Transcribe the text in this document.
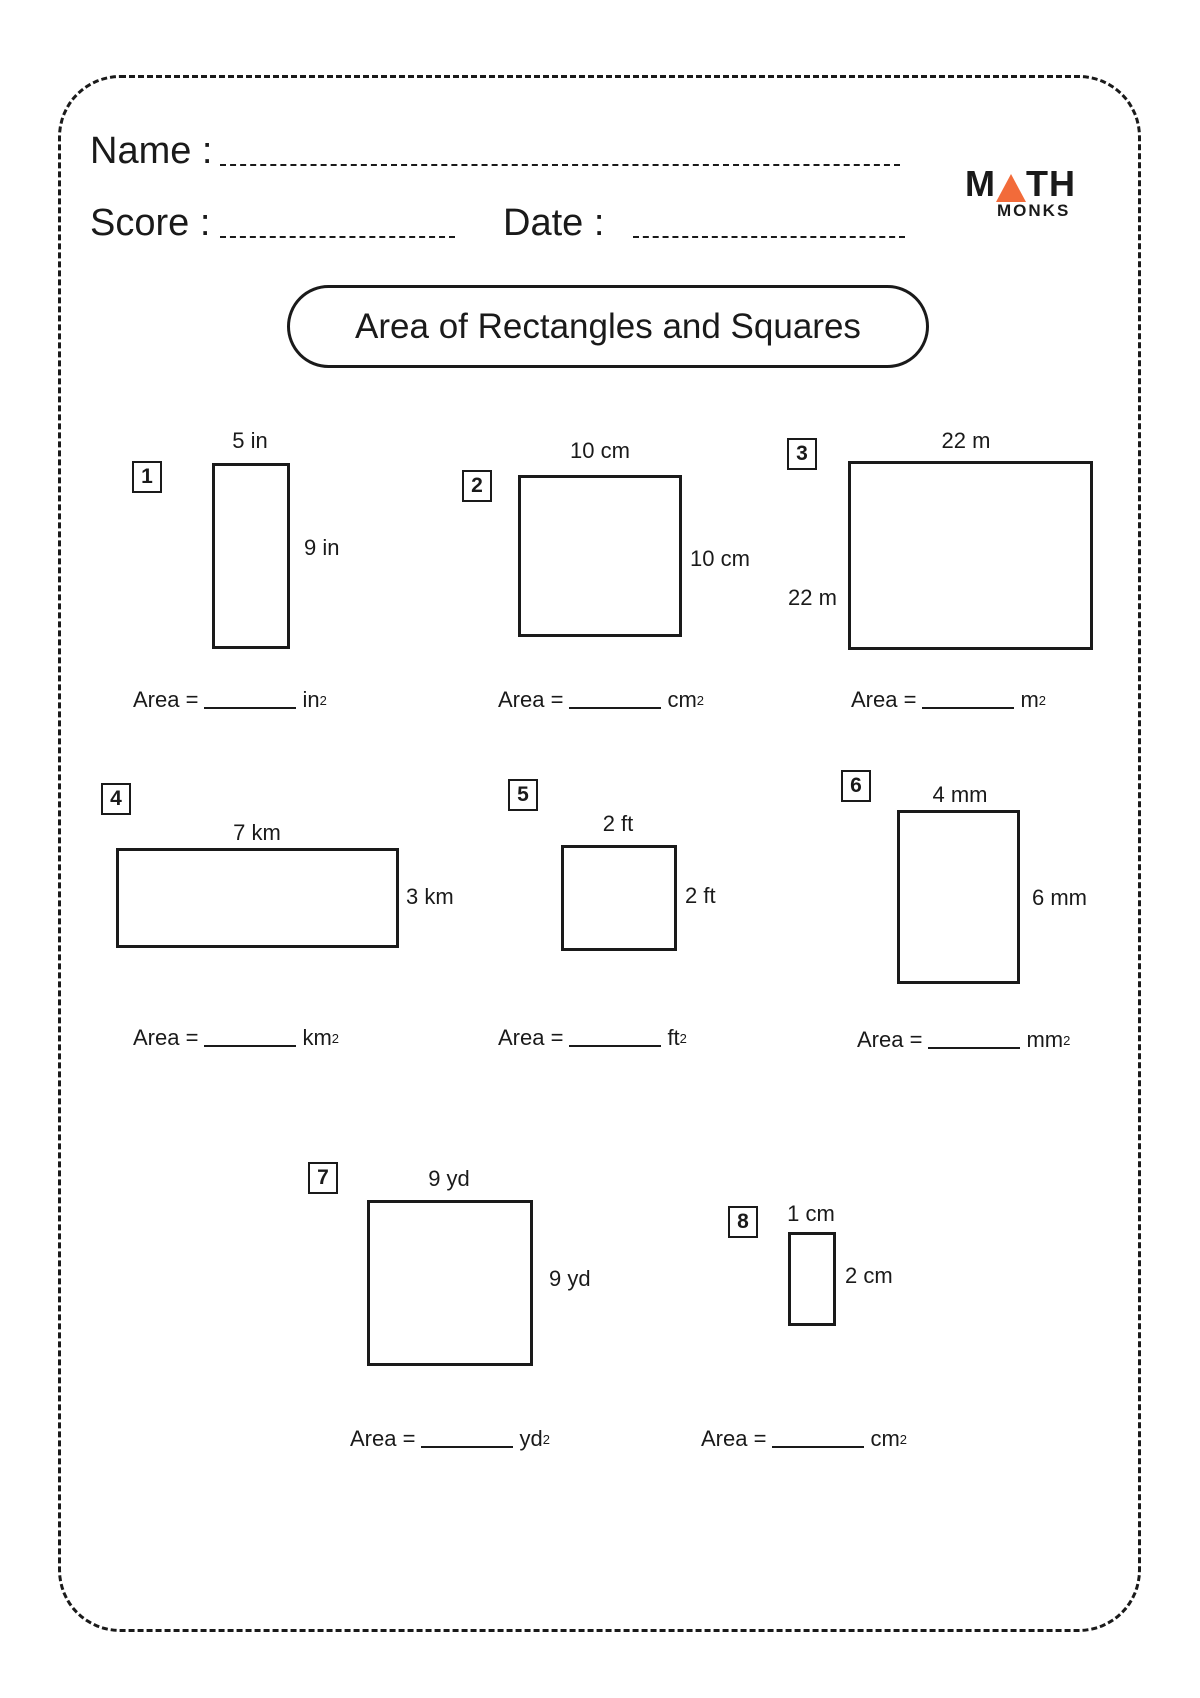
Name :
Score :	Date :
M TH
MONKS
Area of Rectangles and Squares
1
5 in
9 in
Area =	$in^2$
2
10 cm
10 cm
Area =	$cm^2$
3
22 m
22 m
Area =	$m^2$
4
7 km
3 km
Area =	$km^2$
5
2 ft
2 ft
Area =	$ft^2$
6	4 mm
6 mm
Area =	$mm^2$
7	9 yd
9 yd
Area =	$yd^2$
8	1 cm
2 cm
Area =	$cm^2$
